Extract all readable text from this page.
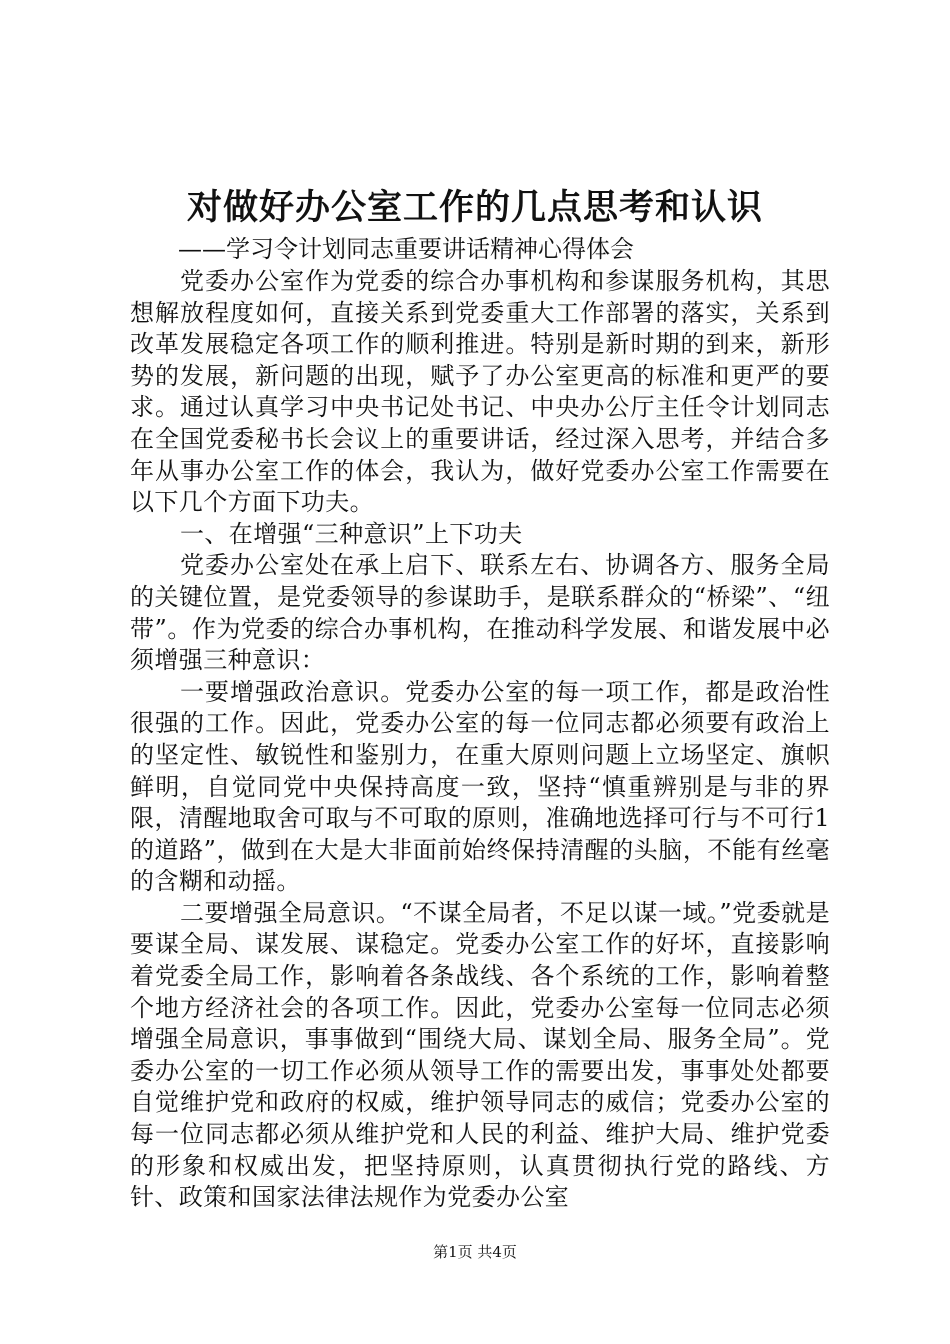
对做好办公室工作的几点思考和认识

——学习令计划同志重要讲话精神心得体会

党委办公室作为党委的综合办事机构和参谋服务机构，其思想解放程度如何，直接关系到党委重大工作部署的落实，关系到改革发展稳定各项工作的顺利推进。特别是新时期的到来，新形势的发展，新问题的出现，赋予了办公室更高的标准和更严的要求。通过认真学习中央书记处书记、中央办公厅主任令计划同志在全国党委秘书长会议上的重要讲话，经过深入思考，并结合多年从事办公室工作的体会，我认为，做好党委办公室工作需要在以下几个方面下功夫。

一、在增强“三种意识”上下功夫

党委办公室处在承上启下、联系左右、协调各方、服务全局的关键位置，是党委领导的参谋助手，是联系群众的“桥梁”、“纽带”。作为党委的综合办事机构，在推动科学发展、和谐发展中必须增强三种意识：

一要增强政治意识。党委办公室的每一项工作，都是政治性很强的工作。因此，党委办公室的每一位同志都必须要有政治上的坚定性、敏锐性和鉴别力，在重大原则问题上立场坚定、旗帜鲜明，自觉同党中央保持高度一致，坚持“慎重辨别是与非的界限，清醒地取舍可取与不可取的原则，准确地选择可行与不可行1的道路”，做到在大是大非面前始终保持清醒的头脑，不能有丝毫的含糊和动摇。

二要增强全局意识。“不谋全局者，不足以谋一域。”党委就是要谋全局、谋发展、谋稳定。党委办公室工作的好坏，直接影响着党委全局工作，影响着各条战线、各个系统的工作，影响着整个地方经济社会的各项工作。因此，党委办公室每一位同志必须增强全局意识，事事做到“围绕大局、谋划全局、服务全局”。党委办公室的一切工作必须从领导工作的需要出发，事事处处都要自觉维护党和政府的权威，维护领导同志的威信；党委办公室的每一位同志都必须从维护党和人民的利益、维护大局、维护党委的形象和权威出发，把坚持原则，认真贯彻执行党的路线、方针、政策和国家法律法规作为党委办公室

第1页 共4页
